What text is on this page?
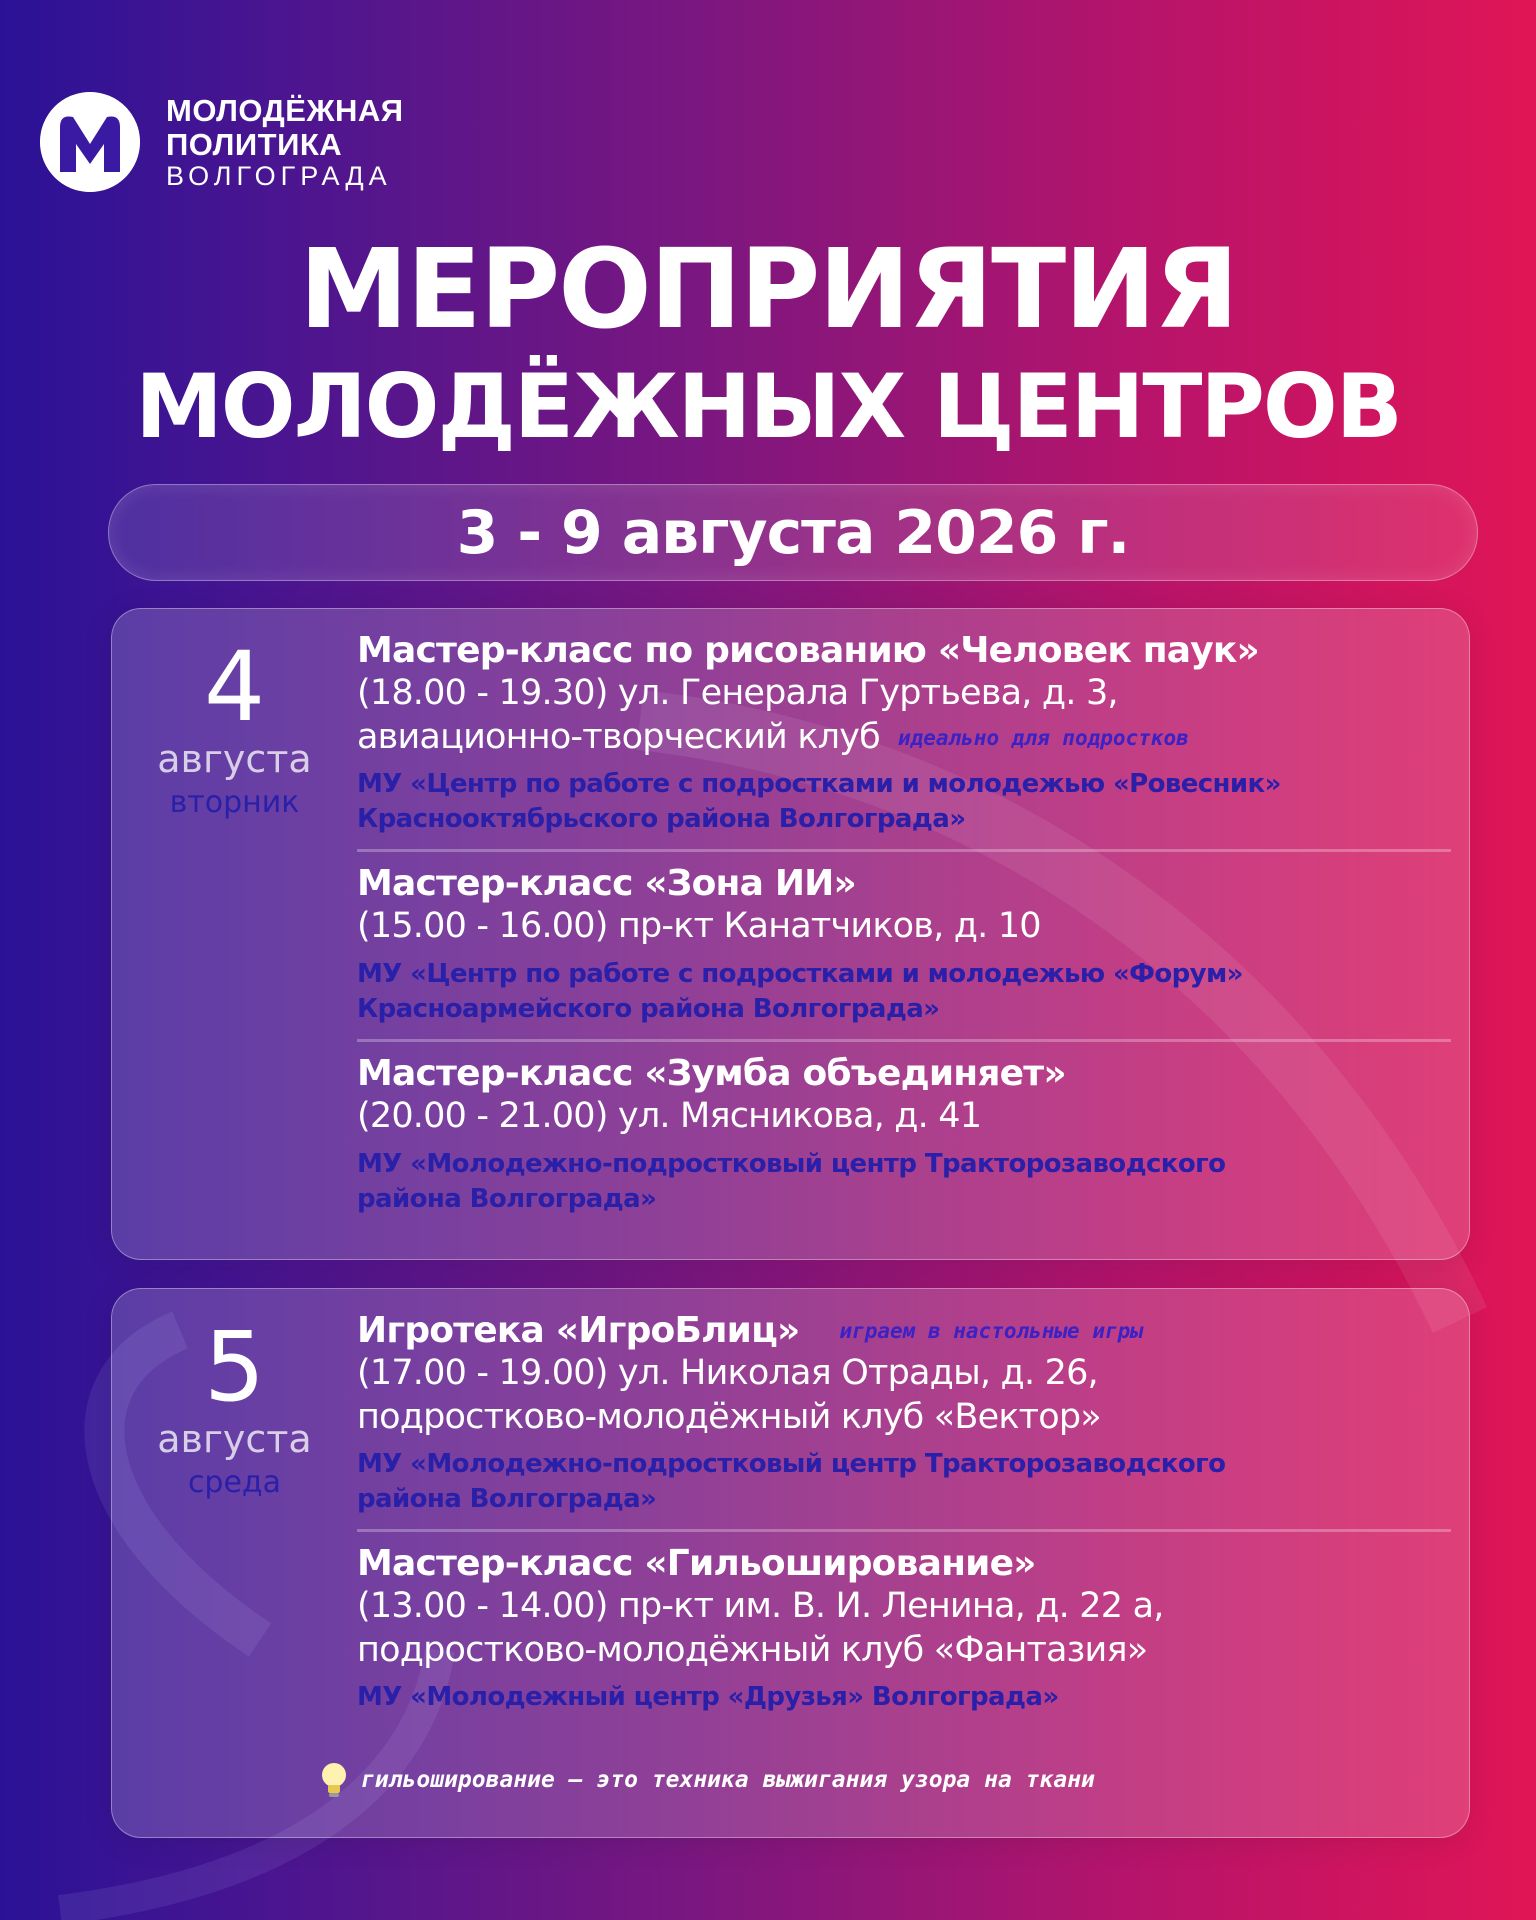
МОЛОДЁЖНАЯ
ПОЛИТИКА
ВОЛГОГРАДА
МЕРОПРИЯТИЯ
МОЛОДЁЖНЫХ ЦЕНТРОВ
3 - 9 августа 2026 г.
4
августа
вторник
Мастер-класс по рисованию «Человек паук»
(18.00 - 19.30) ул. Генерала Гуртьева, д. 3,
авиационно-творческий клуб идеально для подростков
МУ «Центр по работе с подростками и молодежью «Ровесник»
Краснооктябрьского района Волгограда»
Мастер-класс «Зона ИИ»
(15.00 - 16.00) пр-кт Канатчиков, д. 10
МУ «Центр по работе с подростками и молодежью «Форум»
Красноармейского района Волгограда»
Мастер-класс «Зумба объединяет»
(20.00 - 21.00) ул. Мясникова, д. 41
МУ «Молодежно-подростковый центр Тракторозаводского
района Волгограда»
5
августа
среда
Игротека «ИгроБлиц» играем в настольные игры
(17.00 - 19.00) ул. Николая Отрады, д. 26,
подростково-молодёжный клуб «Вектор»
МУ «Молодежно-подростковый центр Тракторозаводского
района Волгограда»
Мастер-класс «Гильоширование»
(13.00 - 14.00) пр-кт им. В. И. Ленина, д. 22 а,
подростково-молодёжный клуб «Фантазия»
МУ «Молодежный центр «Друзья» Волгограда»
гильоширование — это техника выжигания узора на ткани
